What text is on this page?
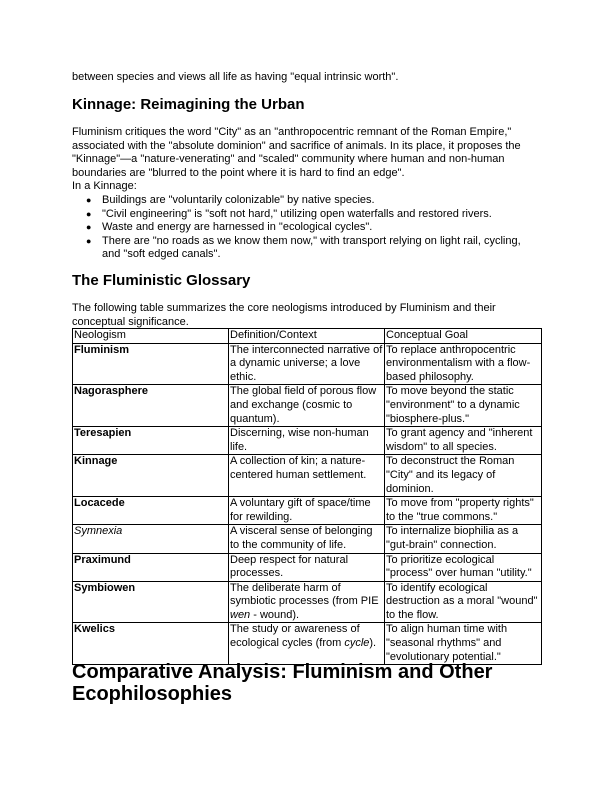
between species and views all life as having "equal intrinsic worth".

Kinnage: Reimagining the Urban

Fluminism critiques the word "City" as an "anthropocentric remnant of the Roman Empire," associated with the "absolute dominion" and sacrifice of animals. In its place, it proposes the "Kinnage"—a "nature-venerating" and "scaled" community where human and non-human boundaries are "blurred to the point where it is hard to find an edge".

In a Kinnage:

● Buildings are "voluntarily colonizable" by native species.
● "Civil engineering" is "soft not hard," utilizing open waterfalls and restored rivers.
● Waste and energy are harnessed in "ecological cycles".
● There are "no roads as we know them now," with transport relying on light rail, cycling, and "soft edged canals".
The Fluministic Glossary

The following table summarizes the core neologisms introduced by Fluminism and their conceptual significance.

Neologism	Definition/Context	Conceptual Goal
Fluminism	The interconnected narrative of a dynamic universe; a love ethic.	To replace anthropocentric environmentalism with a flow-based philosophy.
Nagorasphere	The global field of porous flow and exchange (cosmic to quantum).	To move beyond the static "environment" to a dynamic "biosphere-plus."
Teresapien	Discerning, wise non-human life.	To grant agency and "inherent wisdom" to all species.
Kinnage	A collection of kin; a nature-centered human settlement.	To deconstruct the Roman "City" and its legacy of dominion.
Locacede	A voluntary gift of space/time for rewilding.	To move from "property rights" to the "true commons."
Symnexia	A visceral sense of belonging to the community of life.	To internalize biophilia as a "gut-brain" connection.
Praximund	Deep respect for natural processes.	To prioritize ecological "process" over human "utility."
Symbiowen	The deliberate harm of symbiotic processes (from PIE wen - wound).	To identify ecological destruction as a moral "wound" to the flow.
Kwelics	The study or awareness of ecological cycles (from cycle).	To align human time with "seasonal rhythms" and "evolutionary potential."
Comparative Analysis: Fluminism and Other Ecophilosophies
